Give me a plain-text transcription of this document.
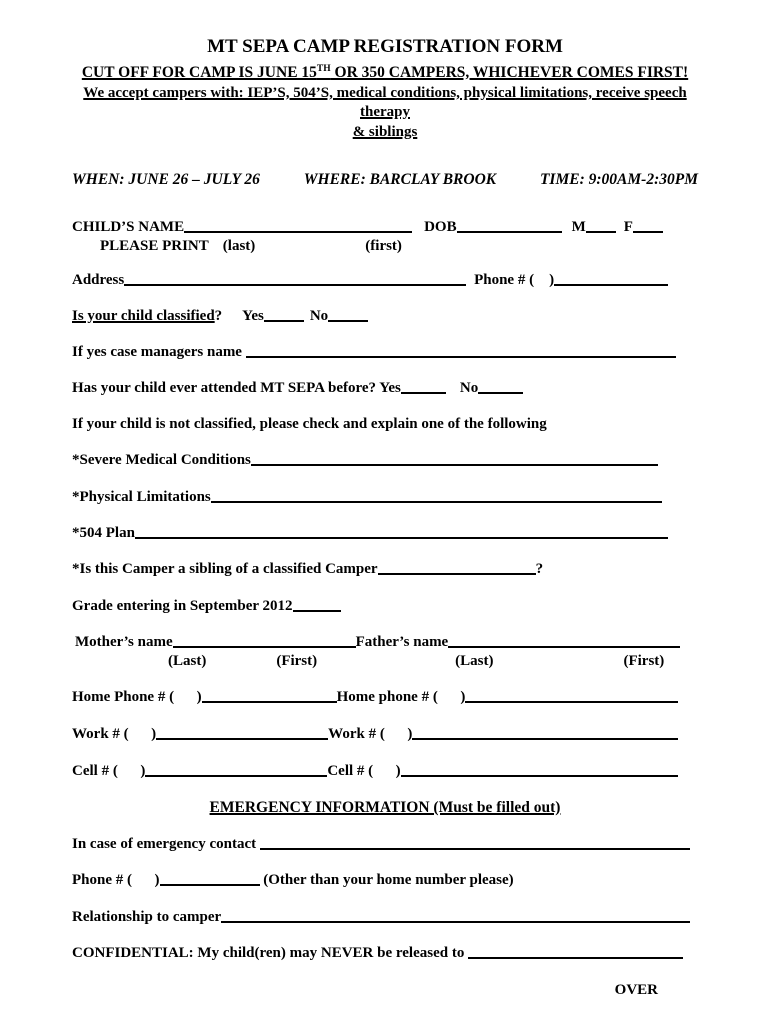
MT SEPA CAMP REGISTRATION FORM
CUT OFF FOR CAMP IS JUNE 15TH OR 350 CAMPERS, WHICHEVER COMES FIRST!
We accept campers with: IEP’S, 504’S, medical conditions, physical limitations, receive speech therapy
& siblings
WHEN: JUNE 26 – JULY 26	WHERE: BARCLAY BROOK	TIME: 9:00AM-2:30PM
CHILD’S NAME	DOB	M	F
PLEASE PRINT (last)	(first)
Address	Phone # (    )
Is your child classified ? Yes	No
If yes case managers name
Has your child ever attended MT SEPA before? Yes	No
If your child is not classified, please check and explain one of the following
*Severe Medical Conditions
*Physical Limitations
*504 Plan
*Is this Camper a sibling of a classified Camper	?
Grade entering in September 2012
Mother’s name	Father’s name
(Last)	(First)	(Last)	(First)
Home Phone # (      )	Home phone # (      )
Work # (      )	Work # (      )
Cell # (      )	Cell # (      )
EMERGENCY INFORMATION (Must be filled out)
In case of emergency contact
Phone # (      )	(Other than your home number please)
Relationship to camper
CONFIDENTIAL: My child(ren) may NEVER be released to
OVER
